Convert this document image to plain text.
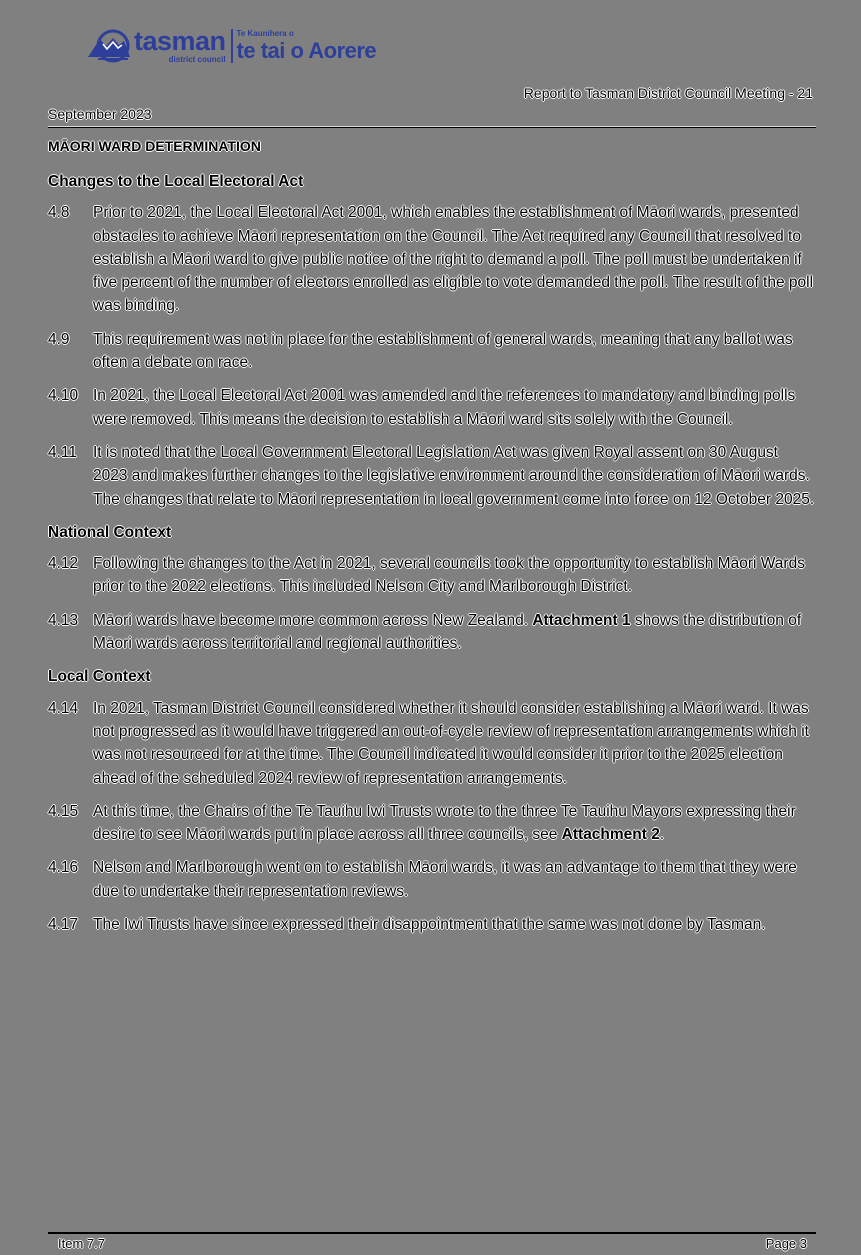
tasman
district council
Te Kaunihera o
te tai o Aorere
Report to Tasman District Council Meeting - 21
September 2023
MĀORI WARD DETERMINATION
Changes to the Local Electoral Act
4.8	Prior to 2021, the Local Electoral Act 2001, which enables the establishment of Māori wards, presented obstacles to achieve Māori representation on the Council. The Act required any Council that resolved to establish a Māori ward to give public notice of the right to demand a poll. The poll must be undertaken if five percent of the number of electors enrolled as eligible to vote demanded the poll. The result of the poll was binding.
4.9	This requirement was not in place for the establishment of general wards, meaning that any ballot was often a debate on race.
4.10 In 2021, the Local Electoral Act 2001 was amended and the references to mandatory and binding polls were removed. This means the decision to establish a Māori ward sits solely with the Council.
4.11	It is noted that the Local Government Electoral Legislation Act was given Royal assent on 30 August 2023 and makes further changes to the legislative environment around the consideration of Māori wards. The changes that relate to Māori representation in local government come into force on 12 October 2025.
National Context
4.12 Following the changes to the Act in 2021, several councils took the opportunity to establish Māori Wards prior to the 2022 elections. This included Nelson City and Marlborough District.
4.13 Māori wards have become more common across New Zealand. Attachment 1 shows the distribution of Māori wards across territorial and regional authorities.
Local Context
4.14 In 2021, Tasman District Council considered whether it should consider establishing a Māori ward. It was not progressed as it would have triggered an out-of-cycle review of representation arrangements which it was not resourced for at the time. The Council indicated it would consider it prior to the 2025 election ahead of the scheduled 2024 review of representation arrangements.
4.15 At this time, the Chairs of the Te Tauihu Iwi Trusts wrote to the three Te Tauihu Mayors expressing their desire to see Māori wards put in place across all three councils, see Attachment 2.
4.16 Nelson and Marlborough went on to establish Māori wards, it was an advantage to them that they were due to undertake their representation reviews.
4.17 The Iwi Trusts have since expressed their disappointment that the same was not done by Tasman.
Item 7.7	Page 3
